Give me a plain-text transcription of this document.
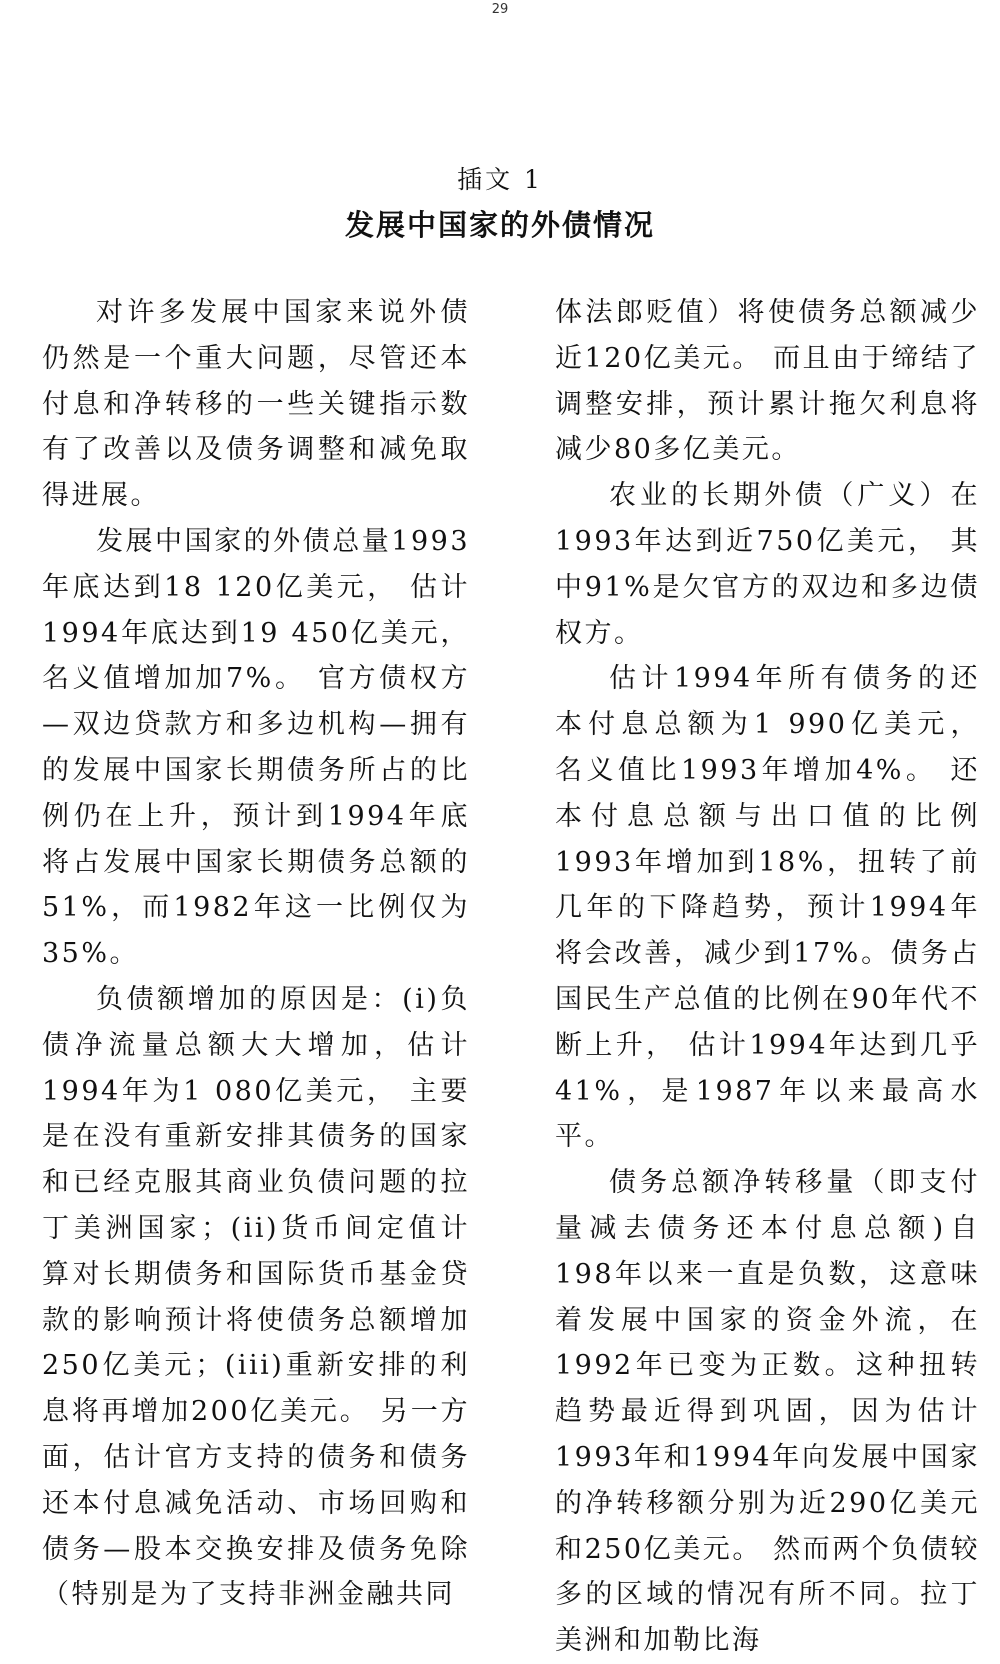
29
插文 1
发展中国家的外债情况

对许多发展中国家来说外债仍然是一个重大问题，尽管还本付息和净转移的一些关键指示数有了改善以及债务调整和减免取得进展。

发展中国家的外债总量1993年底达到18 120亿美元， 估计1994年底达到19 450亿美元，名义值增加加7%。 官方债权方—双边贷款方和多边机构—拥有的发展中国家长期债务所占的比例仍在上升，预计到1994年底将占发展中国家长期债务总额的51%，而1982年这一比例仅为35%。

负债额增加的原因是：(i)负债净流量总额大大增加，估计1994年为1 080亿美元， 主要是在没有重新安排其债务的国家和已经克服其商业负债问题的拉丁美洲国家；(ii)货币间定值计算对长期债务和国际货币基金贷款的影响预计将使债务总额增加250亿美元；(iii)重新安排的利息将再增加200亿美元。 另一方面，估计官方支持的债务和债务还本付息减免活动、市场回购和债务—股本交换安排及债务免除（特别是为了支持非洲金融共同

体法郎贬值）将使债务总额减少近120亿美元。 而且由于缔结了调整安排，预计累计拖欠利息将减少80多亿美元。

农业的长期外债（广义）在1993年达到近750亿美元， 其中91%是欠官方的双边和多边债权方。

估计1994年所有债务的还本付息总额为1 990亿美元， 名义值比1993年增加4%。 还本付息总额与出口值的比例1993年增加到18%，扭转了前几年的下降趋势，预计1994年将会改善，减少到17%。债务占国民生产总值的比例在90年代不断上升， 估计1994年达到几乎41%，是1987年以来最高水平。

债务总额净转移量（即支付量减去债务还本付息总额)自198年以来一直是负数，这意味着发展中国家的资金外流，在1992年已变为正数。这种扭转趋势最近得到巩固，因为估计1993年和1994年向发展中国家的净转移额分别为近290亿美元和250亿美元。 然而两个负债较多的区域的情况有所不同。拉丁美洲和加勒比海
